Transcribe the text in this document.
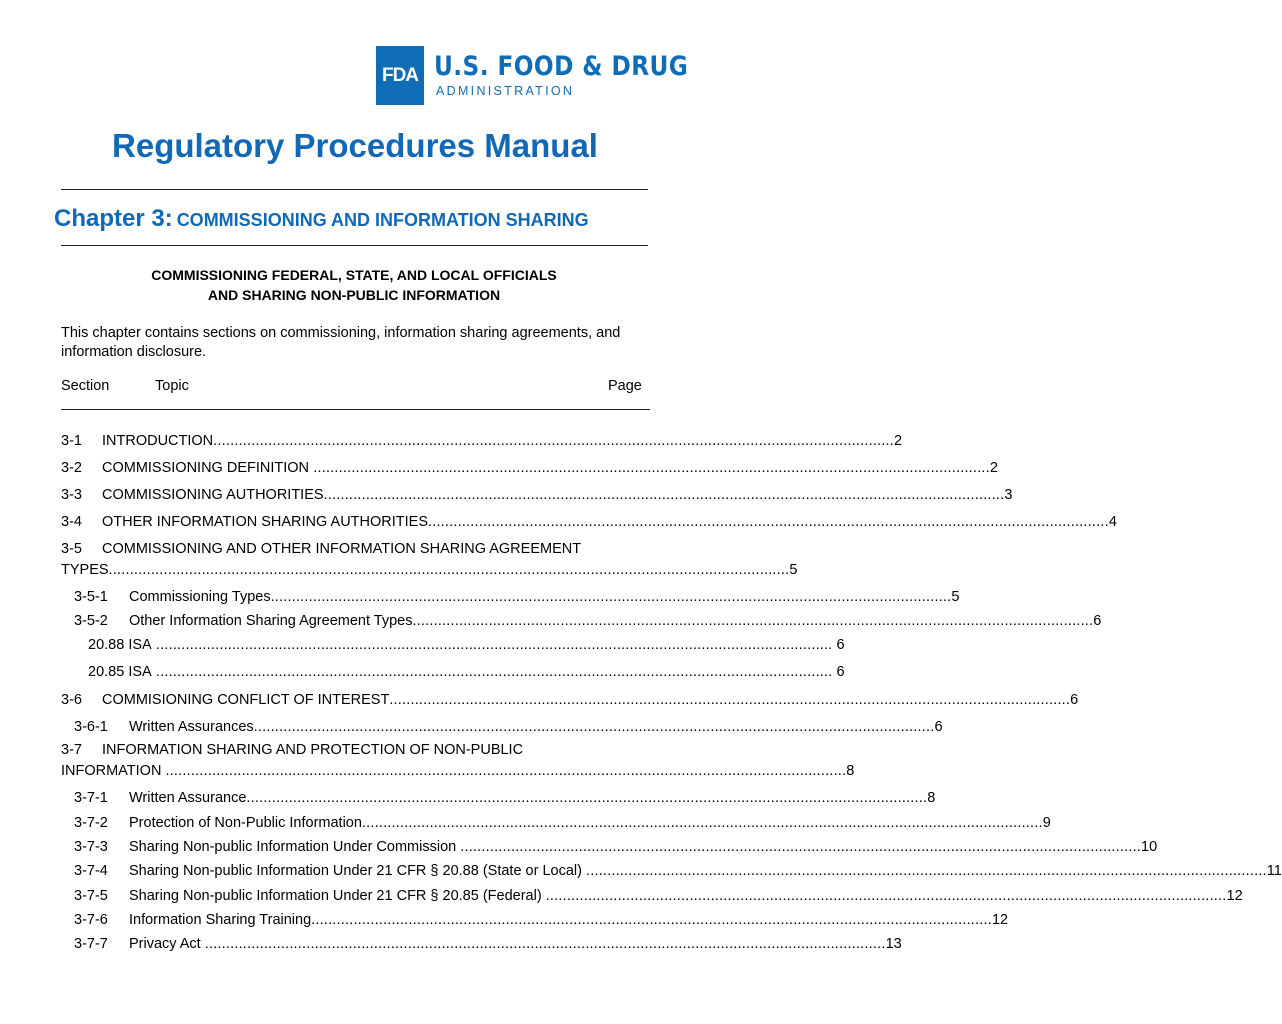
FDA U.S. FOOD & DRUG
ADMINISTRATION
Regulatory Procedures Manual
Chapter 3: COMMISSIONING AND INFORMATION SHARING
COMMISSIONING FEDERAL, STATE, AND LOCAL OFFICIALS
AND SHARING NON-PUBLIC INFORMATION
This chapter contains sections on commissioning, information sharing agreements, and information disclosure.
Section	Topic	Page
3-1	INTRODUCTION ................................................................................................................................................................. 2
3-2	COMMISSIONING DEFINITION ................................................................................................................................................................ 2
3-3	COMMISSIONING AUTHORITIES ................................................................................................................................................................. 3
3-4	OTHER INFORMATION SHARING AUTHORITIES ................................................................................................................................................................. 4
3-5 COMMISSIONING AND OTHER INFORMATION SHARING AGREEMENT
TYPES ................................................................................................................................................................. 5
3-5-1	Commissioning Types ................................................................................................................................................................. 5
3-5-2	Other Information Sharing Agreement Types ................................................................................................................................................................. 6
20.88 ISA ................................................................................................................................................................ 6
20.85 ISA ................................................................................................................................................................ 6
3-6	COMMISIONING CONFLICT OF INTEREST ................................................................................................................................................................. 6
3-6-1	Written Assurances ................................................................................................................................................................. 6
3-7 INFORMATION SHARING AND PROTECTION OF NON-PUBLIC
INFORMATION ................................................................................................................................................................. 8
3-7-1	Written Assurance ................................................................................................................................................................. 8
3-7-2	Protection of Non-Public Information ................................................................................................................................................................. 9
3-7-3	Sharing Non-public Information Under Commission ................................................................................................................................................................. 10
3-7-4	Sharing Non-public Information Under 21 CFR § 20.88 (State or Local) ................................................................................................................................................................. 11
3-7-5	Sharing Non-public Information Under 21 CFR § 20.85 (Federal) ................................................................................................................................................................. 12
3-7-6	Information Sharing Training ................................................................................................................................................................. 12
3-7-7	Privacy Act ................................................................................................................................................................. 13
